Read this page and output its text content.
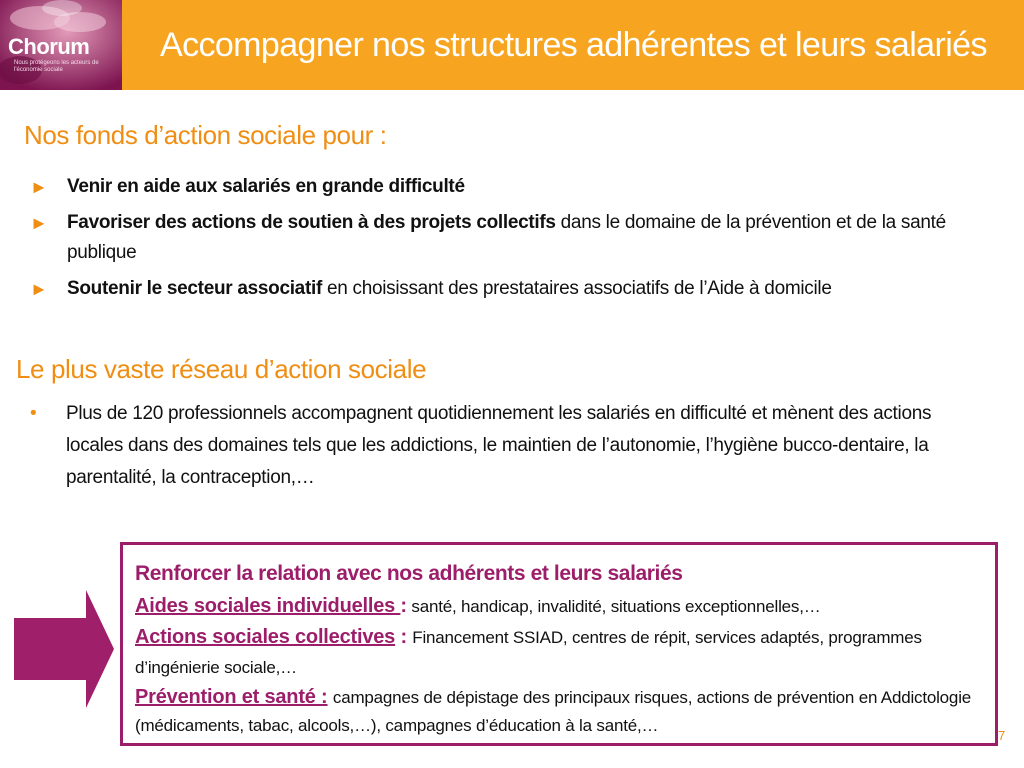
Chorum
Nous protégeons les acteurs de l'économie sociale
Accompagner nos structures adhérentes et leurs salariés
Nos fonds d’action sociale pour :
► Venir en aide aux salariés en grande difficulté
► Favoriser des actions de soutien à des projets collectifs dans le domaine de la prévention et de la santé publique
► Soutenir le secteur associatif en choisissant des prestataires associatifs de l’Aide à domicile
Le plus vaste réseau d’action sociale
• Plus de 120 professionnels accompagnent quotidiennement les salariés en difficulté et mènent des actions locales dans des domaines tels que les addictions, le maintien de l’autonomie, l’hygiène bucco-dentaire, la parentalité, la contraception,…
Renforcer la relation avec nos adhérents et leurs salariés
Aides sociales individuelles : santé, handicap, invalidité, situations exceptionnelles,…
Actions sociales collectives : Financement SSIAD, centres de répit, services adaptés, programmes d’ingénierie sociale,…
Prévention et santé : campagnes de dépistage des principaux risques, actions de prévention en Addictologie (médicaments, tabac, alcools,…), campagnes d’éducation à la santé,…
7
